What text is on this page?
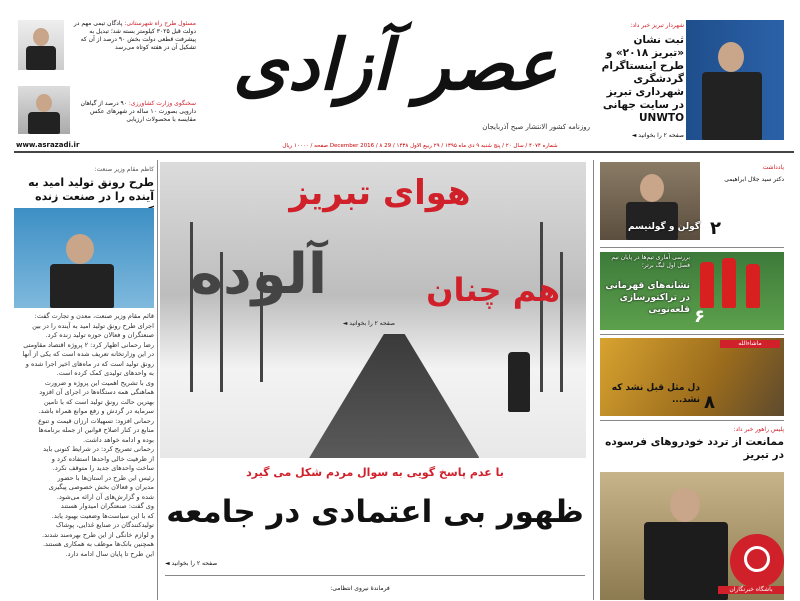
عصر آزادی
روزنامه کشور الانتشار صبح آذربایجان
www.asrazadi.ir	شماره ۴۰۷۴ / سال ۲۰ / پنج شنبه ۹ دی ماه ۱۳۹۵ / ۲۹ ربیع الاول ۱۴۳۸ / 29 December 2016 / ۸ صفحه / ۱۰۰۰۰ ریال
مسئول طرح راه شهرستانی: پادگان تیمی مهم در دولت قبل ۳۰۲۵ کیلومتر بسته شد؛ تبدیل به پیشرفت قطعی دولت بخش ۹۰ درصد از آن که تشکیل آن در هفته کوتاه می‌رسد
سخنگوی وزارت کشاورزی: ۹۰ درصد از گیاهان دارویی بصورت ۱۰ ساله در شهرهای عکس مقایسه با محصولات ارزیابی
شهردار تبریز خبر داد:
ثبت نشان «تبریز ۲۰۱۸» و طرح اینستاگرام گردشگری شهرداری تبریز در سایت جهانی UNWTO
صفحه ۲ را بخوانید ◄
هوای تبریز
هم چنان
آلوده
صفحه ۲ را بخوانید ◄
با عدم پاسخ گویی به سوال مردم شکل می گیرد
ظهور بی اعتمادی در جامعه
صفحه ۲ را بخوانید ◄
فرماندهٔ نیروی انتظامی:
کاظم مقام وزیر صنعت:
طرح رونق تولید امید به آینده را در صنعت زنده
قائم مقام وزیر صنعت، معدن و تجارت گفت:
اجرای طرح رونق تولید امید به آینده را در بین
صنعتگران و فعالان حوزه تولید زنده کرد.
رضا رحمانی اظهار کرد: ۲ پروژه اقتصاد مقاومتی
در این وزارتخانه تعریف شده است که یکی از آنها
رونق تولید است که در ماه‌های اخیر اجرا شده و
به واحدهای تولیدی کمک کرده است.
وی با تشریح اهمیت این پروژه و ضرورت
هماهنگی همه دستگاه‌ها در اجرای آن افزود
بهترین حالت رونق تولید است که با تامین
سرمایه در گردش و رفع موانع همراه باشد.
رحمانی افزود: تسهیلات ارزان قیمت و تنوع
منابع در کنار اصلاح قوانین از جمله برنامه‌ها
بوده و ادامه خواهد داشت.
رحمانی تصریح کرد: در شرایط کنونی باید
از ظرفیت خالی واحدها استفاده کرد و
ساخت واحدهای جدید را متوقف نکرد.
رئیس این طرح در استان‌ها با حضور
مدیران و فعالان بخش خصوصی پیگیری
شده و گزارش‌های آن ارائه می‌شود.
وی گفت: صنعتگران امیدوار هستند
که با این سیاست‌ها وضعیت بهبود یابد.
تولیدکنندگان در صنایع غذایی، پوشاک
و لوازم خانگی از این طرح بهره‌مند شدند.
همچنین بانک‌ها موظف به همکاری هستند.
این طرح تا پایان سال ادامه دارد.
یادداشت
دکتر سید جلال ابراهیمی
گولن و گولنیسم ۲
بررسی آماری تیم‌ها در پایان نیم فصل اول لیگ برتر؛
نشانه‌های قهرمانی در تراکتورسازی قلعه‌نویی ۶
ماشاءالله
دل مثل قبل نشد که نشد... ۸
پلیس راهور خبر داد:
ممانعت از تردد خودروهای فرسوده در تبریز
باشگاه خبرنگاران
